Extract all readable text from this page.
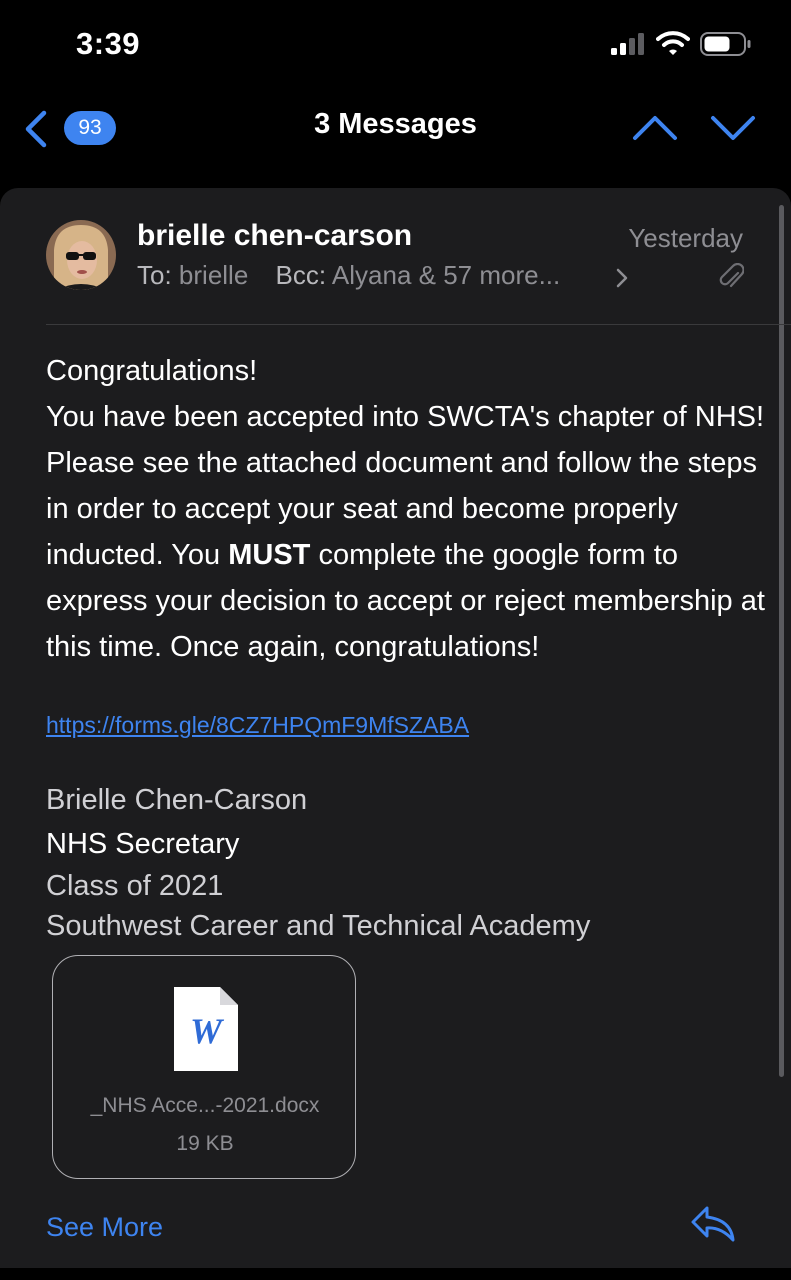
3:39
93	3 Messages
brielle chen-carson	Yesterday
To: brielle Bcc: Alyana & 57 more...

Congratulations!

You have been accepted into SWCTA's chapter of NHS! Please see the attached document and follow the steps in order to accept your seat and become properly inducted. You MUST complete the google form to express your decision to accept or reject membership at this time. Once again, congratulations!

https://forms.gle/8CZ7HPQmF9MfSZABA
Brielle Chen-Carson
NHS Secretary
Class of 2021
Southwest Career and Technical Academy
W
_NHS Acce...-2021.docx
19 KB
See More
